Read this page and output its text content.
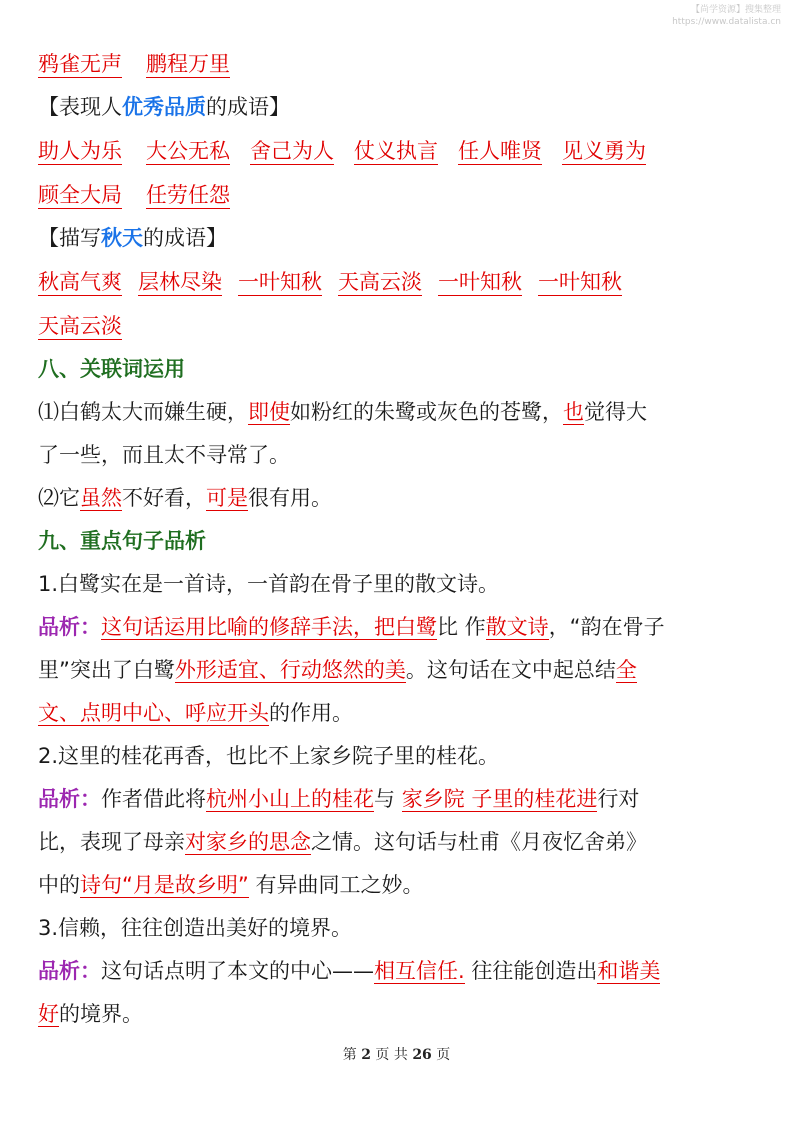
【尚学资源】搜集整理
https://www.datalista.cn
鸦雀无声 鹏程万里
【表现人优秀品质的成语】
助人为乐 大公无私 舍己为人 仗义执言 任人唯贤 见义勇为
顾全大局 任劳任怨
【描写秋天的成语】
秋高气爽 层林尽染 一叶知秋 天高云淡 一叶知秋 一叶知秋
天高云淡
八、关联词运用
⑴白鹤太大而嫌生硬，即使如粉红的朱鹭或灰色的苍鹭，也觉得大
了一些，而且太不寻常了。
⑵它虽然不好看，可是很有用。
九、重点句子品析
1.白鹭实在是一首诗，一首韵在骨子里的散文诗。
品析：这句话运用比喻的修辞手法，把白鹭比 作散文诗，“韵在骨子
里”突出了白鹭外形适宜、行动悠然的美。这句话在文中起总结全
文、点明中心、呼应开头的作用。
2.这里的桂花再香，也比不上家乡院子里的桂花。
品析：作者借此将杭州小山上的桂花与 家乡院 子里的桂花进行对
比，表现了母亲对家乡的思念之情。这句话与杜甫《月夜忆舍弟》
中的诗句“月是故乡明” 有异曲同工之妙。
3.信赖，往往创造出美好的境界。
品析：这句话点明了本文的中心——相互信任. 往往能创造出和谐美
好的境界。
第 2 页 共 26 页
